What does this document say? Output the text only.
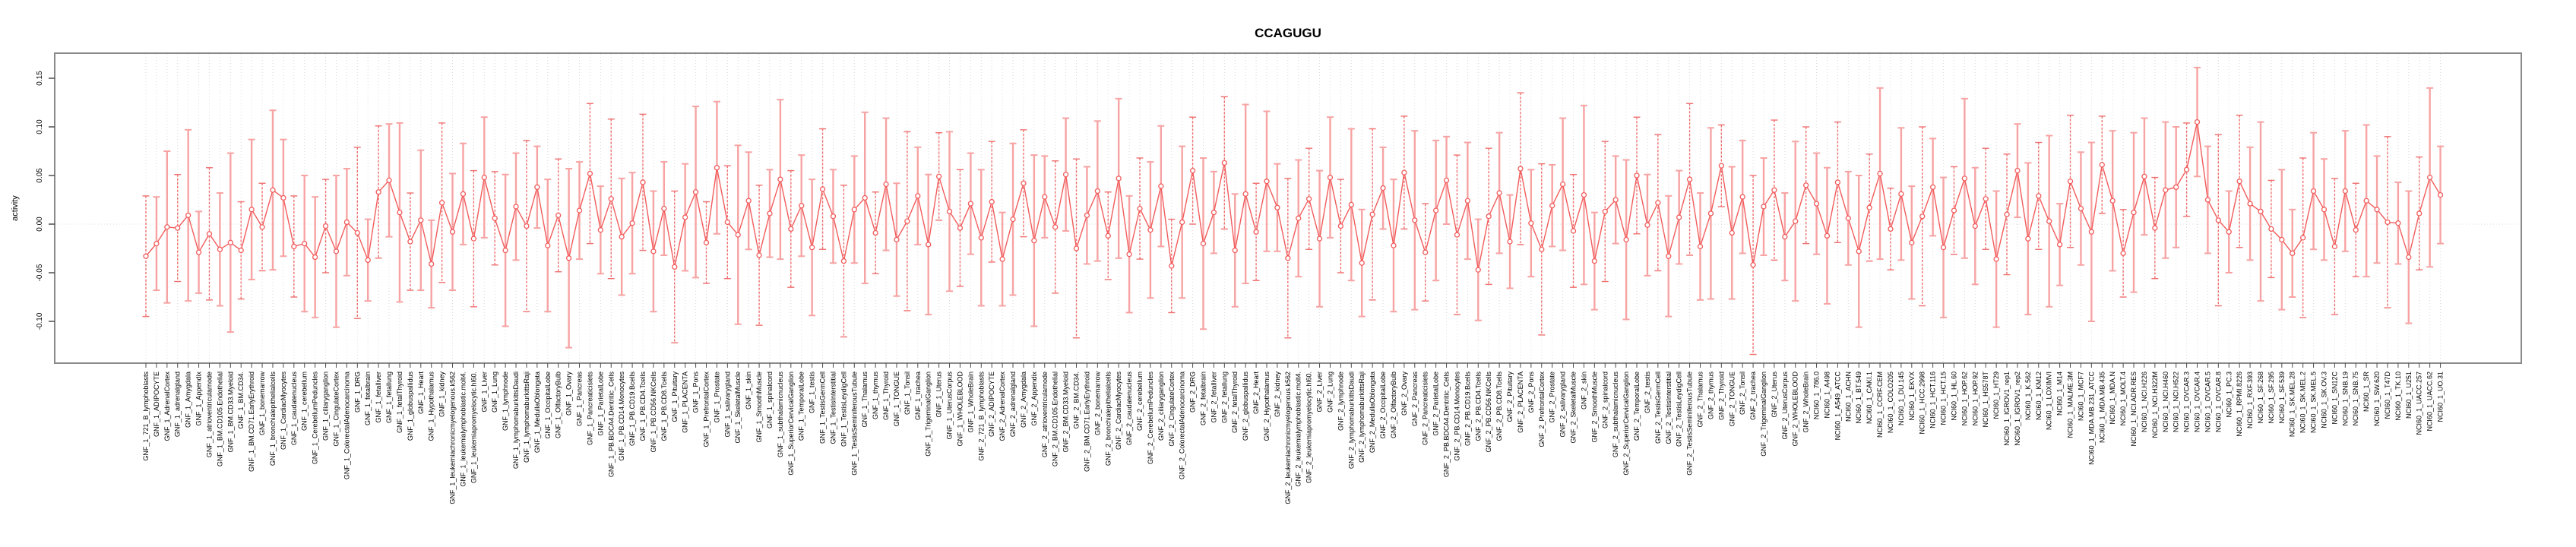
CCAGUGU
activity
0.15
0.10
0.05
0.00
-0.05
-0.10
GNF_1_721_B_lymphoblasts GNF_1_ADIPOCYTE GNF_1_AdrenalCortex GNF_1_adrenalgland GNF_1_Amygdala GNF_1_Appendix GNF_1_atrioventricularnode GNF_1_BM.CD105.Endothelial GNF_1_BM.CD33.Myeloid GNF_1_BM.CD34. GNF_1_BM.CD71.EarlyErythroid GNF_1_bonemarrow GNF_1_bronchialepithelialcells GNF_1_CardiacMyocytes GNF_1_caudatenucleus GNF_1_cerebellum GNF_1_CerebellumPeduncles GNF_1_ciliaryganglion GNF_1_CingulateCortex GNF_1_ColorectalAdenocarcinoma GNF_1_DRG GNF_1_fetalbrain GNF_1_fetalliver GNF_1_fetallung GNF_1_fetalThyroid GNF_1_globuspallidus GNF_1_Heart GNF_1_Hypothalamus GNF_1_kidney GNF_1_leukemiachronicmyelogenous.k562 GNF_1_leukemialymphoblastic.molt4. GNF_1_leukemiapromyelocytic.hl60. GNF_1_Liver GNF_1_Lung GNF_1_lymphnode GNF_1_lymphomaburkittsDaudi GNF_1_lymphomaburkittsRaji GNF_1_MedullaOblongata GNF_1_OccipitalLobe GNF_1_OlfactoryBulb GNF_1_Ovary GNF_1_Pancreas GNF_1_Pancreaticislets GNF_1_ParietalLobe GNF_1_PB.BDCA4.Dentritic_Cells GNF_1_PB.CD14.Monocytes GNF_1_PB.CD19.Bcells GNF_1_PB.CD4.Tcells GNF_1_PB.CD56.NKCells GNF_1_PB.CD8.Tcells GNF_1_Pituitary GNF_1_PLACENTA GNF_1_Pons GNF_1_PrefrontalCortex GNF_1_Prostate GNF_1_salivarygland GNF_1_SkeletalMuscle GNF_1_skin GNF_1_SmoothMuscle GNF_1_spinalcord GNF_1_subthalamicnucleus GNF_1_SuperiorCervicalGanglion GNF_1_TemporalLobe GNF_1_testis GNF_1_TestisGermCell GNF_1_TestisInterstitial GNF_1_TestisLeydigCell GNF_1_TestisSeminiferousTubule GNF_1_Thalamus GNF_1_thymus GNF_1_Thyroid GNF_1_TONGUE GNF_1_Tonsil GNF_1_trachea GNF_1_TrigeminalGanglion GNF_1_Uterus GNF_1_UterusCorpus GNF_1_WHOLEBLOOD GNF_1_WholeBrain GNF_2_721_B_lymphoblasts GNF_2_ADIPOCYTE GNF_2_AdrenalCortex GNF_2_adrenalgland GNF_2_Amygdala GNF_2_Appendix GNF_2_atrioventricularnode GNF_2_BM.CD105.Endothelial GNF_2_BM.CD33.Myeloid GNF_2_BM.CD34. GNF_2_BM.CD71.EarlyErythroid GNF_2_bonemarrow GNF_2_bronchialepithelialcells GNF_2_CardiacMyocytes GNF_2_caudatenucleus GNF_2_cerebellum GNF_2_CerebellumPeduncles GNF_2_ciliaryganglion GNF_2_CingulateCortex GNF_2_ColorectalAdenocarcinoma GNF_2_DRG GNF_2_fetalbrain GNF_2_fetalliver GNF_2_fetallung GNF_2_fetalThyroid GNF_2_globuspallidus GNF_2_Heart GNF_2_Hypothalamus GNF_2_kidney GNF_2_leukemiachronicmyelogenous.k562 GNF_2_leukemialymphoblastic.molt4. GNF_2_leukemiapromyelocytic.hl60. GNF_2_Liver GNF_2_Lung GNF_2_lymphnode GNF_2_lymphomaburkittsDaudi GNF_2_lymphomaburkittsRaji GNF_2_MedullaOblongata GNF_2_OccipitalLobe GNF_2_OlfactoryBulb GNF_2_Ovary GNF_2_Pancreas GNF_2_Pancreaticislets GNF_2_ParietalLobe GNF_2_PB.BDCA4.Dentritic_Cells GNF_2_PB.CD14.Monocytes GNF_2_PB.CD19.Bcells GNF_2_PB.CD4.Tcells GNF_2_PB.CD56.NKCells GNF_2_PB.CD8.Tcells GNF_2_Pituitary GNF_2_PLACENTA GNF_2_Pons GNF_2_PrefrontalCortex GNF_2_Prostate GNF_2_salivarygland GNF_2_SkeletalMuscle GNF_2_skin GNF_2_SmoothMuscle GNF_2_spinalcord GNF_2_subthalamicnucleus GNF_2_SuperiorCervicalGanglion GNF_2_TemporalLobe GNF_2_testis GNF_2_TestisGermCell GNF_2_TestisInterstitial GNF_2_TestisLeydigCell GNF_2_TestisSeminiferousTubule GNF_2_Thalamus GNF_2_thymus GNF_2_Thyroid GNF_2_TONGUE GNF_2_Tonsil GNF_2_trachea GNF_2_TrigeminalGanglion GNF_2_Uterus GNF_2_UterusCorpus GNF_2_WHOLEBLOOD GNF_2_WholeBrain NCI60_1_786.0 NCI60_1_A498 NCI60_1_A549_ATCC NCI60_1_ACHN NCI60_1_BT.549 NCI60_1_CAKI.1 NCI60_1_CCRF.CEM NCI60_1_COLO205 NCI60_1_DU.145 NCI60_1_EKVX NCI60_1_HCC.2998 NCI60_1_HCT.116 NCI60_1_HCT.15 NCI60_1_HL.60 NCI60_1_HOP.62 NCI60_1_HOP.92 NCI60_1_HS578T NCI60_1_HT29 NCI60_1_IGROV1_rep1 NCI60_1_IGROV1_rep2 NCI60_1_K.562 NCI60_1_KM12 NCI60_1_LOXIMVI NCI60_1_M14 NCI60_1_MALME.3M NCI60_1_MCF7 NCI60_1_MDA.MB.231_ATCC NCI60_1_MDA.MB.435 NCI60_1_MDA.N NCI60_1_MOLT.4 NCI60_1_NCI.ADR.RES NCI60_1_NCI.H226 NCI60_1_NCI.H322M NCI60_1_NCI.H460 NCI60_1_NCI.H522 NCI60_1_OVCAR.3 NCI60_1_OVCAR.4 NCI60_1_OVCAR.5 NCI60_1_OVCAR.8 NCI60_1_PC.3 NCI60_1_RPMI.8226 NCI60_1_RXF.393 NCI60_1_SF.268 NCI60_1_SF.295 NCI60_1_SF.539 NCI60_1_SK.MEL.28 NCI60_1_SK.MEL.2 NCI60_1_SK.MEL.5 NCI60_1_SK.OV.3 NCI60_1_SN12C NCI60_1_SNB.19 NCI60_1_SNB.75 NCI60_1_SR NCI60_1_SW.620 NCI60_1_T47D NCI60_1_TK.10 NCI60_1_U251 NCI60_1_UACC.257 NCI60_1_UACC.62 NCI60_1_UO.31
